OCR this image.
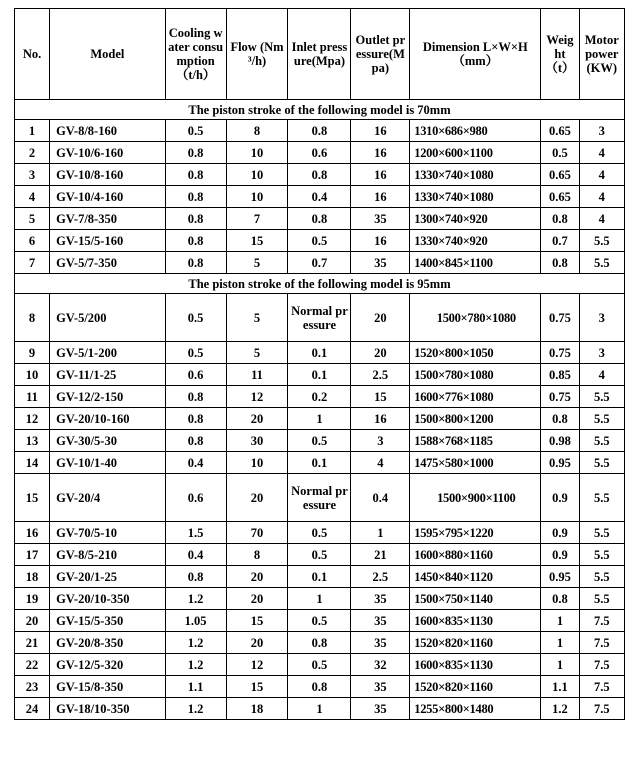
No.	Model	Cooling water consumption（t/h）	Flow (Nm³/h)	Inlet pressure(Mpa)	Outlet pressure(Mpa)	Dimension L×W×H（mm）	Weight （t）	Motor power (KW)
The piston stroke of the following model is 70mm								
1	GV-8/8-160	0.5	8	0.8	16	1310×686×980	0.65	3
2	GV-10/6-160	0.8	10	0.6	16	1200×600×1100	0.5	4
3	GV-10/8-160	0.8	10	0.8	16	1330×740×1080	0.65	4
4	GV-10/4-160	0.8	10	0.4	16	1330×740×1080	0.65	4
5	GV-7/8-350	0.8	7	0.8	35	1300×740×920	0.8	4
6	GV-15/5-160	0.8	15	0.5	16	1330×740×920	0.7	5.5
7	GV-5/7-350	0.8	5	0.7	35	1400×845×1100	0.8	5.5
The piston stroke of the following model is 95mm								
8	GV-5/200	0.5	5	Normal pressure	20	1500×780×1080	0.75	3
9	GV-5/1-200	0.5	5	0.1	20	1520×800×1050	0.75	3
10	GV-11/1-25	0.6	11	0.1	2.5	1500×780×1080	0.85	4
11	GV-12/2-150	0.8	12	0.2	15	1600×776×1080	0.75	5.5
12	GV-20/10-160	0.8	20	1	16	1500×800×1200	0.8	5.5
13	GV-30/5-30	0.8	30	0.5	3	1588×768×1185	0.98	5.5
14	GV-10/1-40	0.4	10	0.1	4	1475×580×1000	0.95	5.5
15	GV-20/4	0.6	20	Normal pressure	0.4	1500×900×1100	0.9	5.5
16	GV-70/5-10	1.5	70	0.5	1	1595×795×1220	0.9	5.5
17	GV-8/5-210	0.4	8	0.5	21	1600×880×1160	0.9	5.5
18	GV-20/1-25	0.8	20	0.1	2.5	1450×840×1120	0.95	5.5
19	GV-20/10-350	1.2	20	1	35	1500×750×1140	0.8	5.5
20	GV-15/5-350	1.05	15	0.5	35	1600×835×1130	1	7.5
21	GV-20/8-350	1.2	20	0.8	35	1520×820×1160	1	7.5
22	GV-12/5-320	1.2	12	0.5	32	1600×835×1130	1	7.5
23	GV-15/8-350	1.1	15	0.8	35	1520×820×1160	1.1	7.5
24	GV-18/10-350	1.2	18	1	35	1255×800×1480	1.2	7.5
